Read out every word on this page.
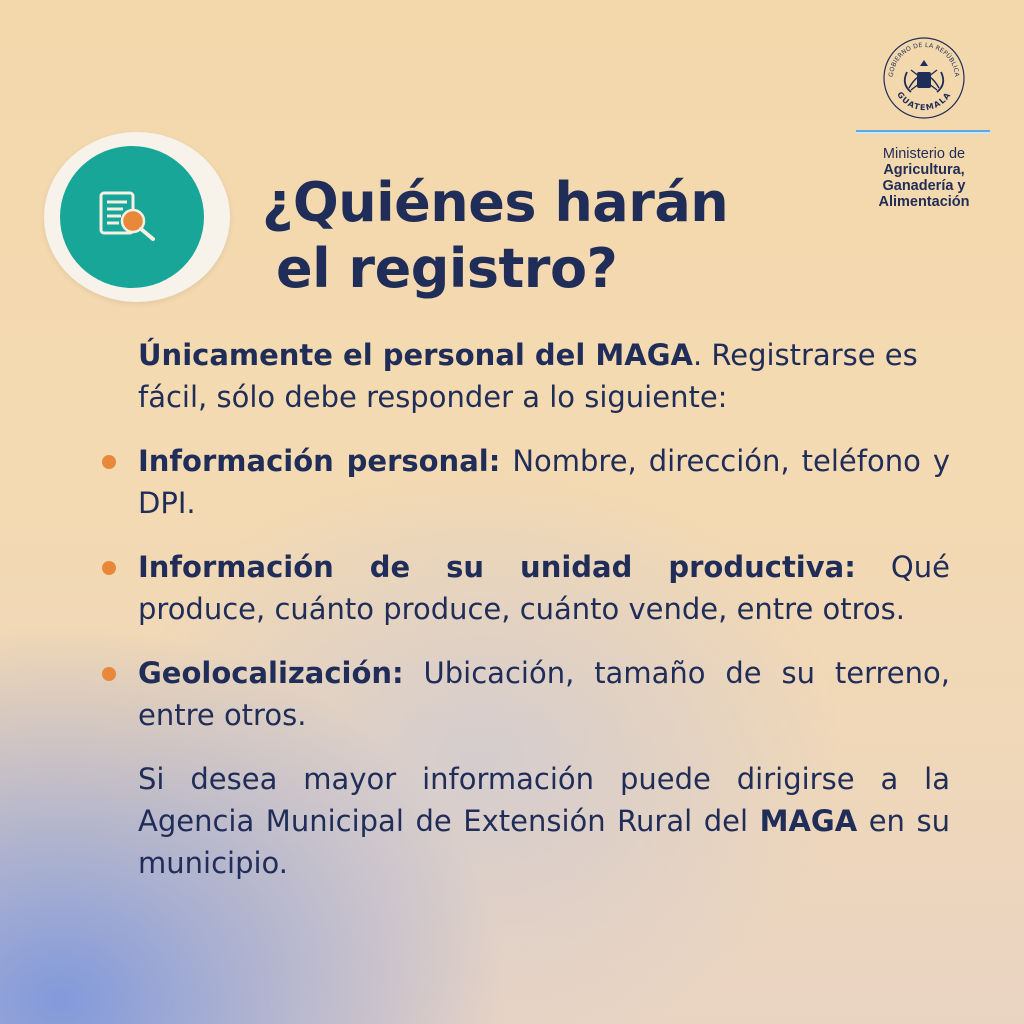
¿Quiénes harán
el registro?
GOBIERNO DE LA REPÚBLICA
GUATEMALA
Ministerio de
Agricultura,
Ganadería y
Alimentación

Únicamente el personal del MAGA. Registrarse es fácil, sólo debe responder a lo siguiente:

Información personal: Nombre, dirección, teléfono y DPI.
Información de su unidad productiva: Qué produce, cuánto produce, cuánto vende, entre otros.
Geolocalización: Ubicación, tamaño de su terreno, entre otros.

Si desea mayor información puede dirigirse a la Agencia Municipal de Extensión Rural del MAGA en su municipio.
